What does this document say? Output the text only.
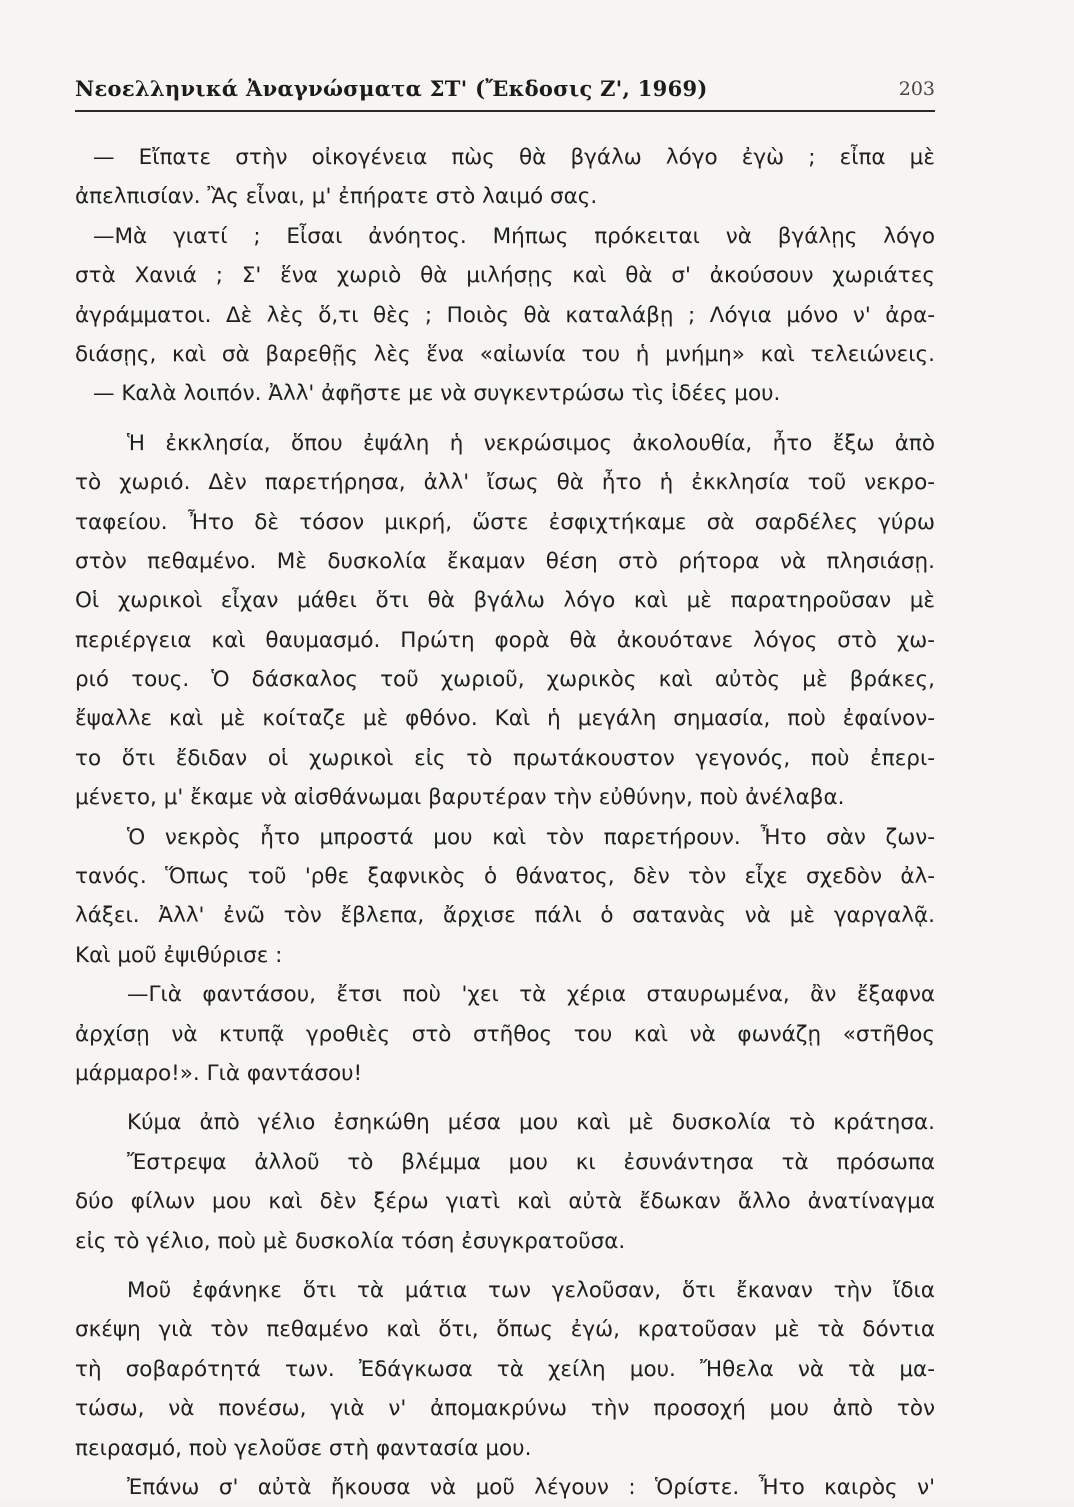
Νεοελληνικά Ἀναγνώσματα ΣΤ' (Ἔκδοσις Ζ', 1969)	203
— Εἴπατε στὴν οἰκογένεια πὼς θὰ βγάλω λόγο ἐγὼ ; εἶπα μὲ
ἀπελπισίαν. Ἂς εἶναι, μ' ἐπήρατε στὸ λαιμό σας.
—Μὰ γιατί ; Εἶσαι ἀνόητος. Μήπως πρόκειται νὰ βγάλῃς λόγο
στὰ Χανιά ; Σ' ἕνα χωριὸ θὰ μιλήσῃς καὶ θὰ σ' ἀκούσουν χωριάτες
ἀγράμματοι. Δὲ λὲς ὅ,τι θὲς ; Ποιὸς θὰ καταλάβῃ ; Λόγια μόνο ν' ἀρα-
διάσῃς, καὶ σὰ βαρεθῇς λὲς ἕνα «αἰωνία του ἡ μνήμη» καὶ τελειώνεις.
— Καλὰ λοιπόν. Ἀλλ' ἀφῆστε με νὰ συγκεντρώσω τὶς ἰδέες μου.
Ἡ ἐκκλησία, ὅπου ἐψάλη ἡ νεκρώσιμος ἀκολουθία, ἦτο ἔξω ἀπὸ
τὸ χωριό. Δὲν παρετήρησα, ἀλλ' ἴσως θὰ ἦτο ἡ ἐκκλησία τοῦ νεκρο-
ταφείου. Ἦτο δὲ τόσον μικρή, ὥστε ἐσφιχτήκαμε σὰ σαρδέλες γύρω
στὸν πεθαμένο. Μὲ δυσκολία ἔκαμαν θέση στὸ ρήτορα νὰ πλησιάσῃ.
Οἱ χωρικοὶ εἶχαν μάθει ὅτι θὰ βγάλω λόγο καὶ μὲ παρατηροῦσαν μὲ
περιέργεια καὶ θαυμασμό. Πρώτη φορὰ θὰ ἀκουότανε λόγος στὸ χω-
ριό τους. Ὁ δάσκαλος τοῦ χωριοῦ, χωρικὸς καὶ αὐτὸς μὲ βράκες,
ἔψαλλε καὶ μὲ κοίταζε μὲ φθόνο. Καὶ ἡ μεγάλη σημασία, ποὺ ἐφαίνον-
το ὅτι ἔδιδαν οἱ χωρικοὶ εἰς τὸ πρωτάκουστον γεγονός, ποὺ ἐπερι-
μένετο, μ' ἔκαμε νὰ αἰσθάνωμαι βαρυτέραν τὴν εὐθύνην, ποὺ ἀνέλαβα.
Ὁ νεκρὸς ἦτο μπροστά μου καὶ τὸν παρετήρουν. Ἦτο σὰν ζων-
τανός. Ὅπως τοῦ 'ρθε ξαφνικὸς ὁ θάνατος, δὲν τὸν εἶχε σχεδὸν ἀλ-
λάξει. Ἀλλ' ἐνῶ τὸν ἔβλεπα, ἄρχισε πάλι ὁ σατανὰς νὰ μὲ γαργαλᾷ.
Καὶ μοῦ ἐψιθύρισε :
—Γιὰ φαντάσου, ἔτσι ποὺ 'χει τὰ χέρια σταυρωμένα, ἂν ἔξαφνα
ἀρχίσῃ νὰ κτυπᾷ γροθιὲς στὸ στῆθος του καὶ νὰ φωνάζῃ «στῆθος
μάρμαρο!». Γιὰ φαντάσου!
Κύμα ἀπὸ γέλιο ἐσηκώθη μέσα μου καὶ μὲ δυσκολία τὸ κράτησα.
Ἔστρεψα ἀλλοῦ τὸ βλέμμα μου κι ἐσυνάντησα τὰ πρόσωπα
δύο φίλων μου καὶ δὲν ξέρω γιατὶ καὶ αὐτὰ ἔδωκαν ἄλλο ἀνατίναγμα
εἰς τὸ γέλιο, ποὺ μὲ δυσκολία τόση ἐσυγκρατοῦσα.
Μοῦ ἐφάνηκε ὅτι τὰ μάτια των γελοῦσαν, ὅτι ἔκαναν τὴν ἴδια
σκέψη γιὰ τὸν πεθαμένο καὶ ὅτι, ὅπως ἐγώ, κρατοῦσαν μὲ τὰ δόντια
τὴ σοβαρότητά των. Ἐδάγκωσα τὰ χείλη μου. Ἤθελα νὰ τὰ μα-
τώσω, νὰ πονέσω, γιὰ ν' ἀπομακρύνω τὴν προσοχή μου ἀπὸ τὸν
πειρασμό, ποὺ γελοῦσε στὴ φαντασία μου.
Ἐπάνω σ' αὐτὰ ἤκουσα νὰ μοῦ λέγουν : Ὁρίστε. Ἦτο καιρὸς ν'
